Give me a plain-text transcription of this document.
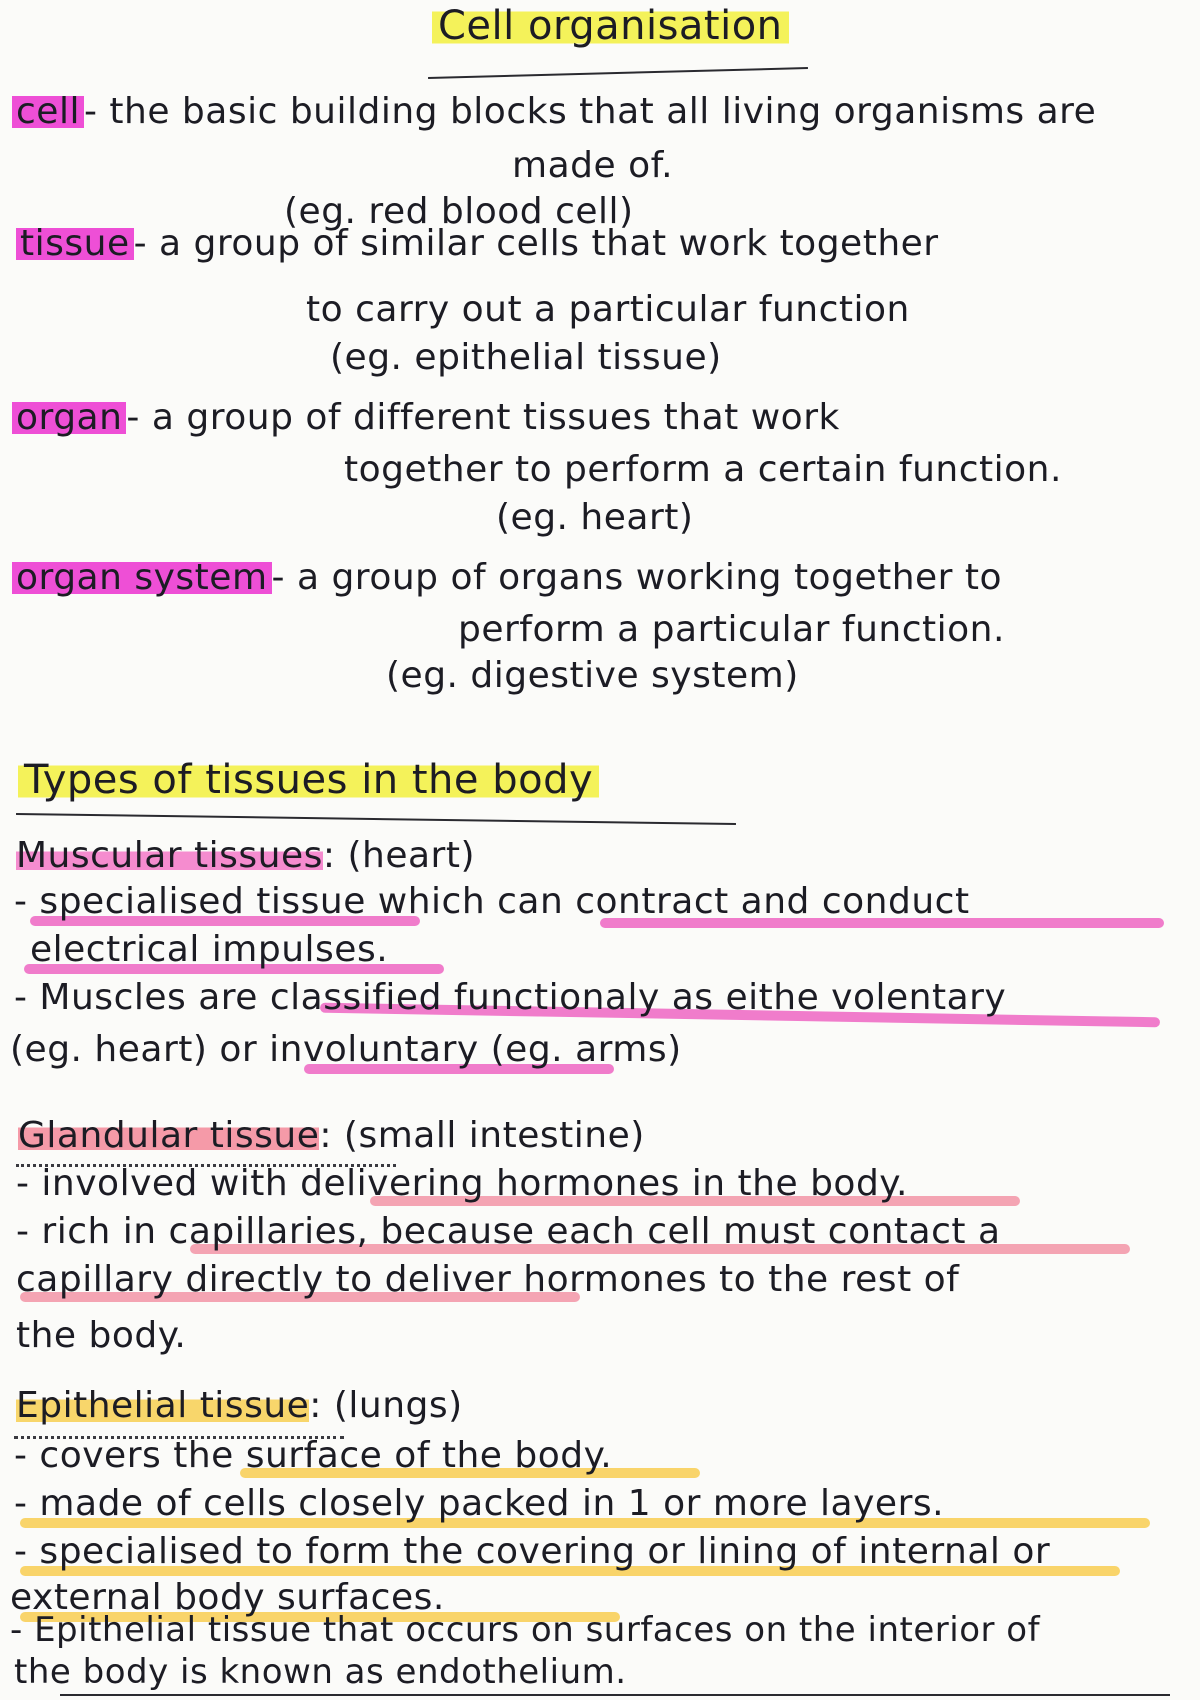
Cell organisation
cell - the basic building blocks that all living organisms are
made of.
(eg. red blood cell)
tissue - a group of similar cells that work together
to carry out a particular function
(eg. epithelial tissue)
organ - a group of different tissues that work
together to perform a certain function.
(eg. heart)
organ system - a group of organs working together to
perform a particular function.
(eg. digestive system)
Types of tissues in the body
Muscular tissues: (heart)
- specialised tissue which can contract and conduct
electrical impulses.
- Muscles are classified functionaly as eithe volentary
(eg. heart) or involuntary (eg. arms)
Glandular tissue: (small intestine)
- involved with delivering hormones in the body.
- rich in capillaries, because each cell must contact a
capillary directly to deliver hormones to the rest of
the body.
Epithelial tissue: (lungs)
- covers the surface of the body.
- made of cells closely packed in 1 or more layers.
- specialised to form the covering or lining of internal or
external body surfaces.
- Epithelial tissue that occurs on surfaces on the interior of
the body is known as endothelium.
